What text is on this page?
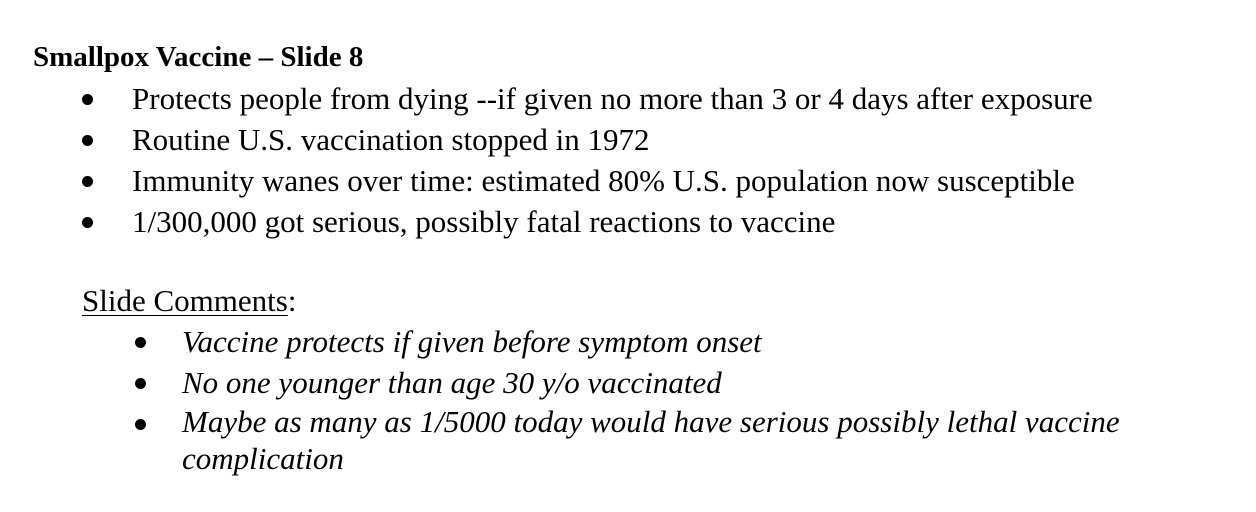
Smallpox Vaccine – Slide 8
Protects people from dying --if given no more than 3 or 4 days after exposure
Routine U.S. vaccination stopped in 1972
Immunity wanes over time: estimated 80% U.S. population now susceptible
1/300,000 got serious, possibly fatal reactions to vaccine
Slide Comments:
Vaccine protects if given before symptom onset
No one younger than age 30 y/o vaccinated
Maybe as many as 1/5000 today would have serious possibly lethal vaccine complication
